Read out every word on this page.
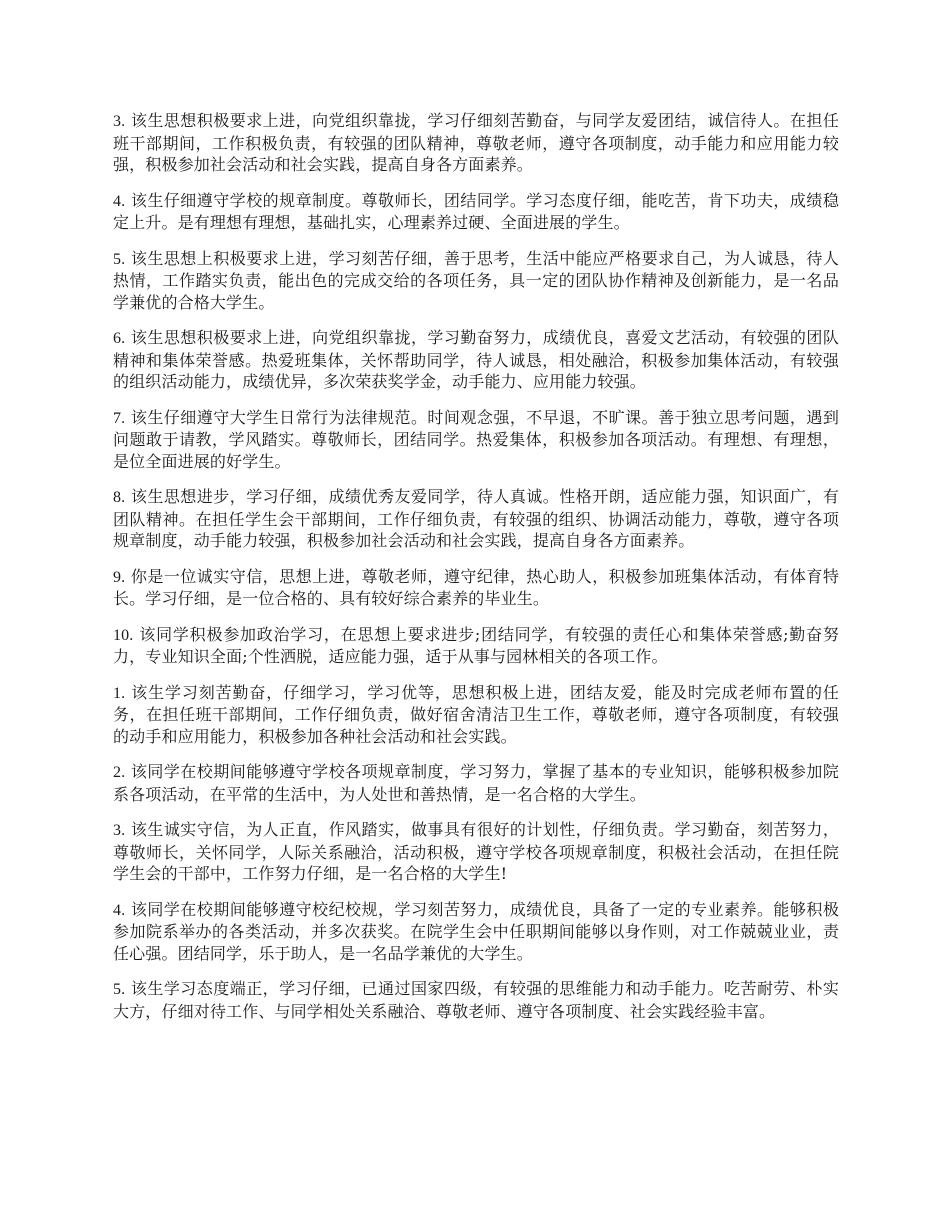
3. 该生思想积极要求上进，向党组织靠拢，学习仔细刻苦勤奋，与同学友爱团结，诚信待人。在担任班干部期间，工作积极负责，有较强的团队精神，尊敬老师，遵守各项制度，动手能力和应用能力较强，积极参加社会活动和社会实践，提高自身各方面素养。

4. 该生仔细遵守学校的规章制度。尊敬师长，团结同学。学习态度仔细，能吃苦，肯下功夫，成绩稳定上升。是有理想有理想，基础扎实，心理素养过硬、全面进展的学生。

5. 该生思想上积极要求上进，学习刻苦仔细，善于思考，生活中能应严格要求自己，为人诚恳，待人热情，工作踏实负责，能出色的完成交给的各项任务，具一定的团队协作精神及创新能力，是一名品学兼优的合格大学生。

6. 该生思想积极要求上进，向党组织靠拢，学习勤奋努力，成绩优良，喜爱文艺活动，有较强的团队精神和集体荣誉感。热爱班集体，关怀帮助同学，待人诚恳，相处融洽，积极参加集体活动，有较强的组织活动能力，成绩优异，多次荣获奖学金，动手能力、应用能力较强。

7. 该生仔细遵守大学生日常行为法律规范。时间观念强，不早退，不旷课。善于独立思考问题，遇到问题敢于请教，学风踏实。尊敬师长，团结同学。热爱集体，积极参加各项活动。有理想、有理想，是位全面进展的好学生。

8. 该生思想进步，学习仔细，成绩优秀友爱同学，待人真诚。性格开朗，适应能力强，知识面广，有团队精神。在担任学生会干部期间，工作仔细负责，有较强的组织、协调活动能力，尊敬，遵守各项规章制度，动手能力较强，积极参加社会活动和社会实践，提高自身各方面素养。

9. 你是一位诚实守信，思想上进，尊敬老师，遵守纪律，热心助人，积极参加班集体活动，有体育特长。学习仔细，是一位合格的、具有较好综合素养的毕业生。

10. 该同学积极参加政治学习，在思想上要求进步;团结同学，有较强的责任心和集体荣誉感;勤奋努力，专业知识全面;个性洒脱，适应能力强，适于从事与园林相关的各项工作。

1. 该生学习刻苦勤奋，仔细学习，学习优等，思想积极上进，团结友爱，能及时完成老师布置的任务，在担任班干部期间，工作仔细负责，做好宿舍清洁卫生工作，尊敬老师，遵守各项制度，有较强的动手和应用能力，积极参加各种社会活动和社会实践。

2. 该同学在校期间能够遵守学校各项规章制度，学习努力，掌握了基本的专业知识，能够积极参加院系各项活动，在平常的生活中，为人处世和善热情，是一名合格的大学生。

3. 该生诚实守信，为人正直，作风踏实，做事具有很好的计划性，仔细负责。学习勤奋，刻苦努力，尊敬师长，关怀同学，人际关系融洽，活动积极，遵守学校各项规章制度，积极社会活动，在担任院学生会的干部中，工作努力仔细，是一名合格的大学生!

4. 该同学在校期间能够遵守校纪校规，学习刻苦努力，成绩优良，具备了一定的专业素养。能够积极参加院系举办的各类活动，并多次获奖。在院学生会中任职期间能够以身作则，对工作兢兢业业，责任心强。团结同学，乐于助人，是一名品学兼优的大学生。

5. 该生学习态度端正，学习仔细，已通过国家四级，有较强的思维能力和动手能力。吃苦耐劳、朴实大方，仔细对待工作、与同学相处关系融洽、尊敬老师、遵守各项制度、社会实践经验丰富。
